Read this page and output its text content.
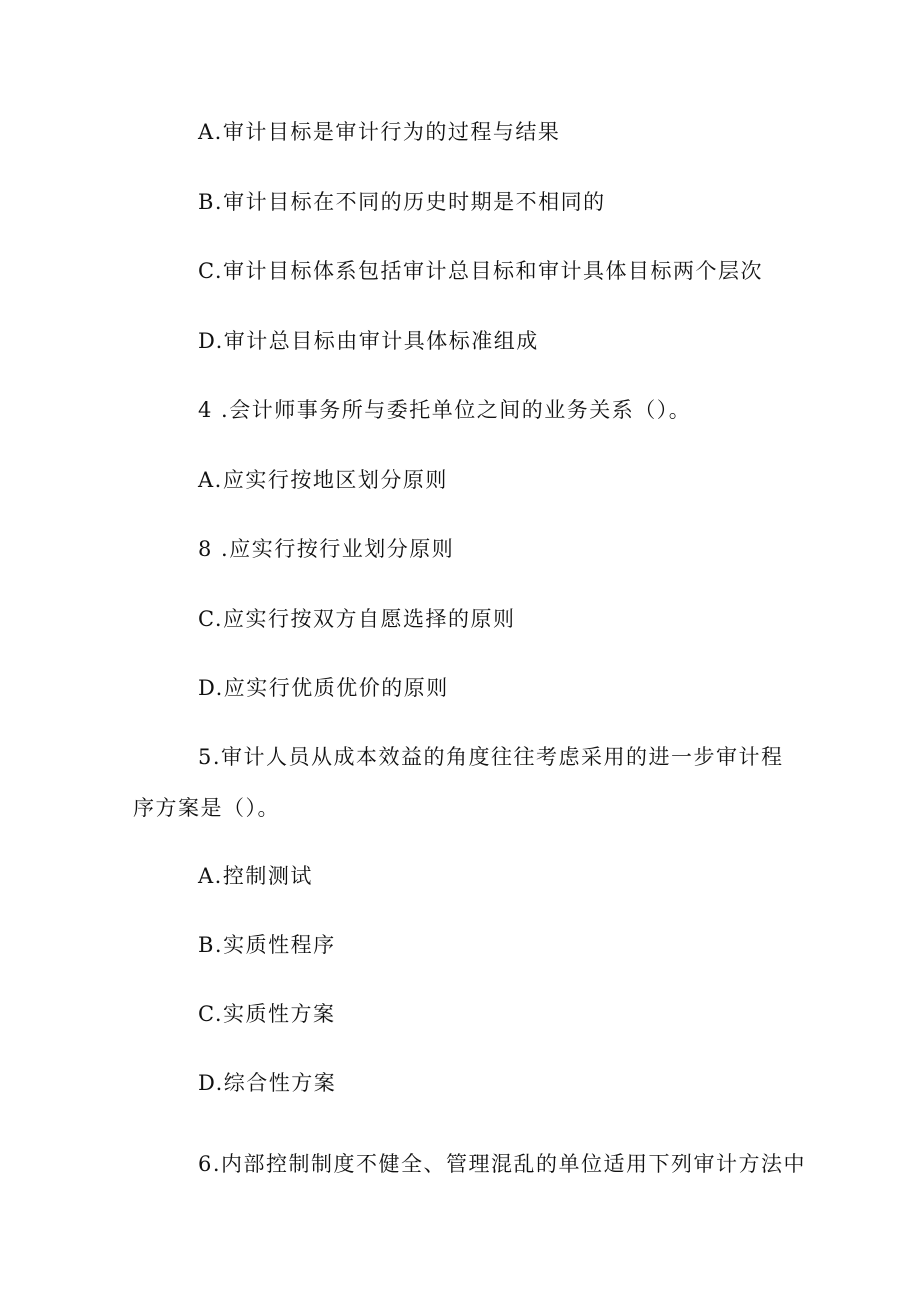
A.审计目标是审计行为的过程与结果
B.审计目标在不同的历史时期是不相同的
C.审计目标体系包括审计总目标和审计具体目标两个层次
D.审计总目标由审计具体标准组成
4 .会计师事务所与委托单位之间的业务关系（）。
A.应实行按地区划分原则
8 .应实行按行业划分原则
C.应实行按双方自愿选择的原则
D.应实行优质优价的原则
5.审计人员从成本效益的角度往往考虑采用的进一步审计程
序方案是（）。
A.控制测试
B.实质性程序
C.实质性方案
D.综合性方案
6.内部控制制度不健全、管理混乱的单位适用下列审计方法中
